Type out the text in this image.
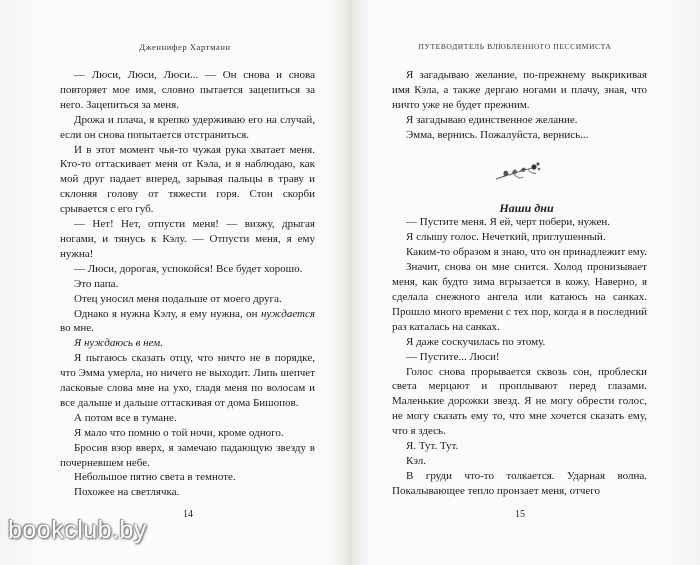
Дженнифер Хартманн

— Люси, Люси, Люси... — Он снова и снова повторяет мое имя, словно пытается зацепиться за него. Зацепиться за меня.

Дрожа и плача, я крепко удерживаю его на случай, если он снова попытается отстраниться.

И в этот момент чья-то чужая рука хватает меня. Кто-то оттаскивает меня от Кэла, и я наблюдаю, как мой друг падает вперед, зарывая пальцы в траву и склоняя голову от тяжести горя. Стон скорби срывается с его губ.

— Нет! Нет, отпусти меня! — визжу, дрыгая ногами, и тянусь к Кэлу. — Отпусти меня, я ему нужна!

— Люси, дорогая, успокойся! Все будет хорошо.

Это папа.

Отец уносил меня подальше от моего друга.

Однако я нужна Кэлу, я ему нужна, он нуждается во мне.

Я нуждаюсь в нем.

Я пытаюсь сказать отцу, что ничто не в порядке, что Эмма умерла, но ничего не выходит. Липь шепчет ласковые слова мне на ухо, гладя меня по волосам и все дальше и дальше оттаскивая от дома Бишопов.

А потом все в тумане.

Я мало что помню о той ночи, кроме одного.

Бросив взор вверх, я замечаю падающую звезду в почерневшем небе.

Небольшое пятно света в темноте.

Похожее на светлячка.

14
ПУТЕВОДИТЕЛЬ ВЛЮБЛЕННОГО ПЕССИМИСТА

Я загадываю желание, по-прежнему выкрикивая имя Кэла, а также дергаю ногами и плачу, зная, что ничто уже не будет прежним.

Я загадываю единственное желание.

Эмма, вернись. Пожалуйста, вернись...

Наши дни

— Пустите меня. Я ей, черт побери, нужен.

Я слышу голос. Нечеткий, приглушенный.

Каким-то образом я знаю, что он принадлежит ему.

Значит, снова он мне снится. Холод пронизывает меня, как будто зима вгрызается в кожу. Наверно, я сделала снежного ангела или катаюсь на санках. Прошло много времени с тех пор, когда я в последний раз каталась на санках.

Я даже соскучилась по этому.

— Пустите... Люси!

Голос снова прорывается сквозь сон, проблески света мерцают и проплывают перед глазами. Маленькие дорожки звезд. Я не могу обрести голос, не могу сказать ему то, что мне хочется сказать ему, что я здесь.

Я. Тут. Тут.

Кэл.

В груди что-то толкается. Ударная волна. Покалывающее тепло пронзает меня, отчего

15
bookclub.by
